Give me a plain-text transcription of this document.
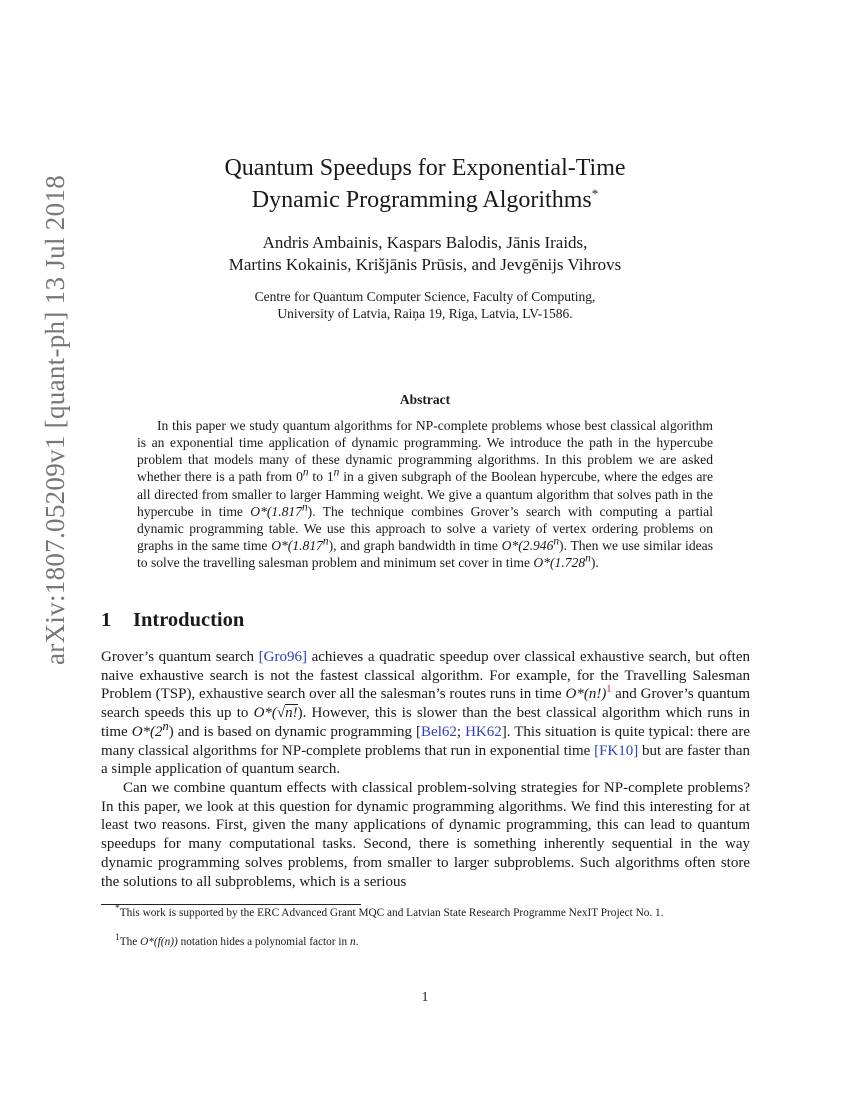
arXiv:1807.05209v1 [quant-ph] 13 Jul 2018
Quantum Speedups for Exponential-Time
Dynamic Programming Algorithms*
Andris Ambainis, Kaspars Balodis, Jānis Iraids,
Martins Kokainis, Krišjānis Prūsis, and Jevgēnijs Vihrovs
Centre for Quantum Computer Science, Faculty of Computing,
University of Latvia, Raiņa 19, Riga, Latvia, LV-1586.
Abstract

In this paper we study quantum algorithms for NP-complete problems whose best classical algorithm is an exponential time application of dynamic programming. We introduce the path in the hypercube problem that models many of these dynamic programming algorithms. In this problem we are asked whether there is a path from 0$^n$ to 1$^n$ in a given subgraph of the Boolean hypercube, where the edges are all directed from smaller to larger Hamming weight. We give a quantum algorithm that solves path in the hypercube in time O*(1.817$^n$). The technique combines Grover’s search with computing a partial dynamic programming table. We use this approach to solve a variety of vertex ordering problems on graphs in the same time O*(1.817$^n$), and graph bandwidth in time O*(2.946$^n$). Then we use similar ideas to solve the travelling salesman problem and minimum set cover in time O*(1.728$^n$).

1 Introduction

Grover’s quantum search [Gro96] achieves a quadratic speedup over classical exhaustive search, but often naive exhaustive search is not the fastest classical algorithm. For example, for the Travelling Salesman Problem (TSP), exhaustive search over all the salesman’s routes runs in time O*(n!)$^1$ and Grover’s quantum search speeds this up to O*(√n!). However, this is slower than the best classical algorithm which runs in time O*(2$^n$) and is based on dynamic programming [Bel62; HK62]. This situation is quite typical: there are many classical algorithms for NP-complete problems that run in exponential time [FK10] but are faster than a simple application of quantum search.

Can we combine quantum effects with classical problem-solving strategies for NP-complete problems? In this paper, we look at this question for dynamic programming algorithms. We find this interesting for at least two reasons. First, given the many applications of dynamic programming, this can lead to quantum speedups for many computational tasks. Second, there is something inherently sequential in the way dynamic programming solves problems, from smaller to larger subproblems. Such algorithms often store the solutions to all subproblems, which is a serious

*This work is supported by the ERC Advanced Grant MQC and Latvian State Research Programme NexIT Project No. 1.

$^1$The O*(f(n)) notation hides a polynomial factor in n.

1
